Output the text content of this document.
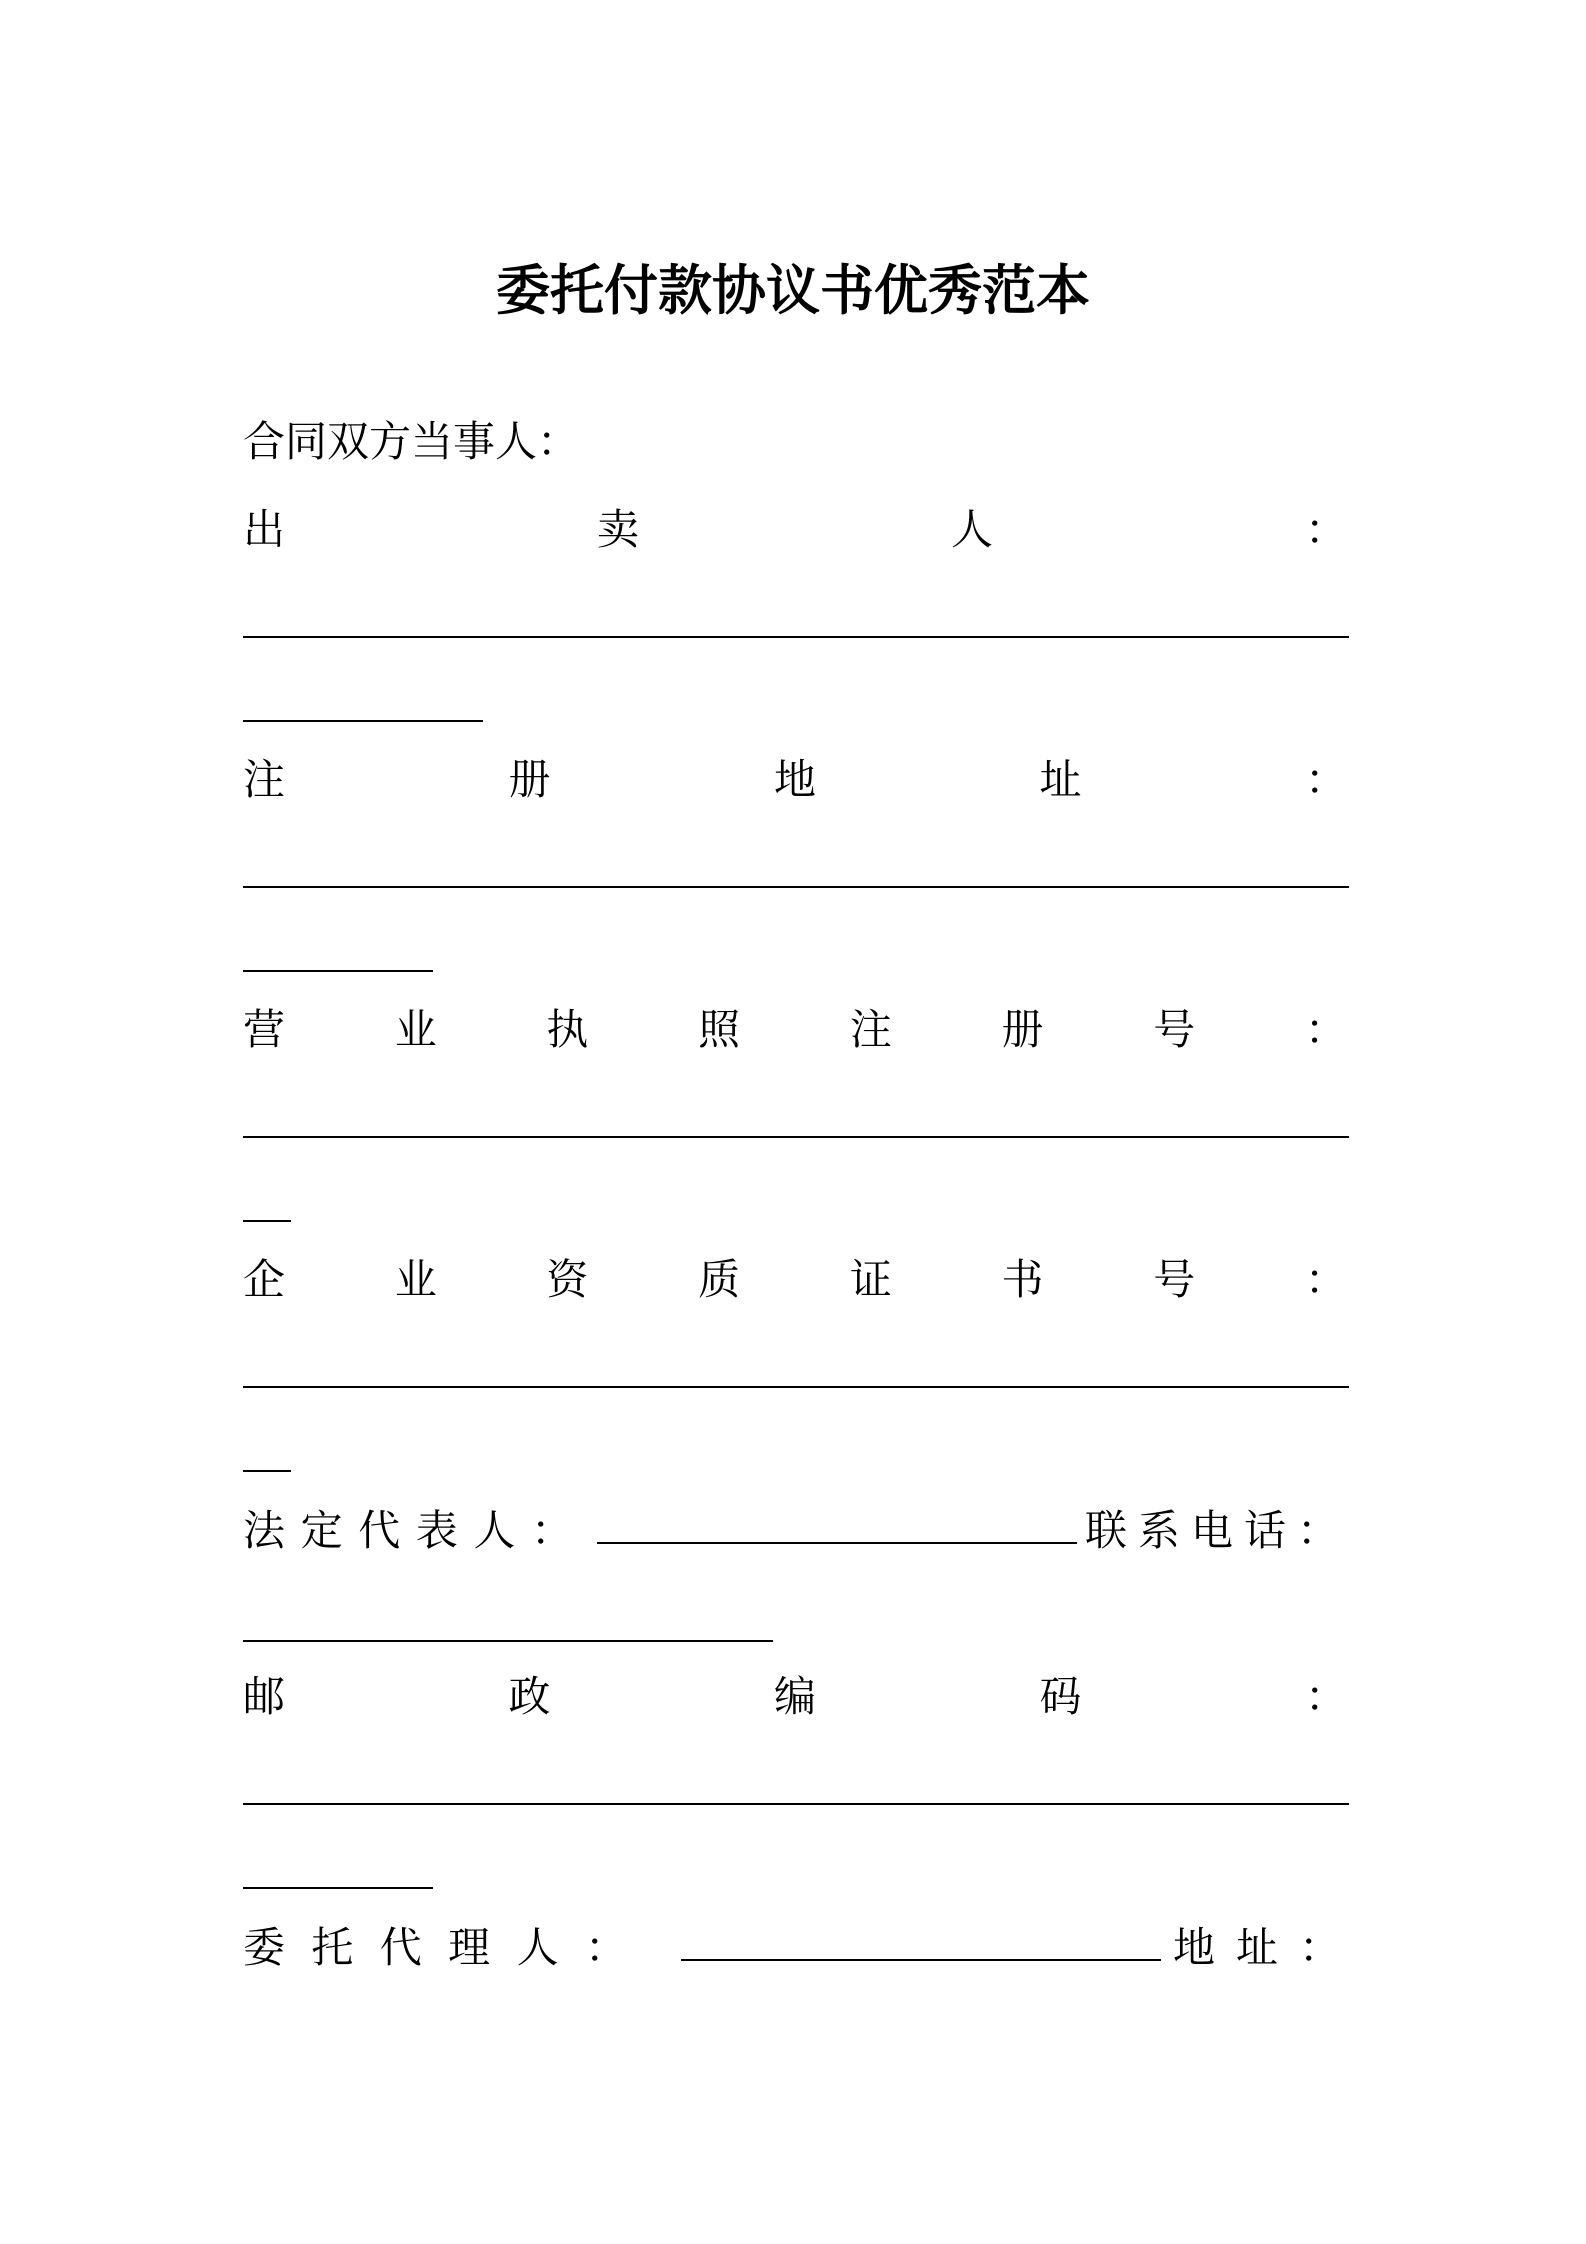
委托付款协议书优秀范本
合同双方当事人：
出	卖	人	：
注	册	地	址	：
营	业	执	照	注	册	号	：
企	业	资	质	证	书	号	：
法 定 代 表 人 ：	联 系 电 话 ：
邮	政	编	码	：
委 托 代 理 人 ：	地 址 ：
